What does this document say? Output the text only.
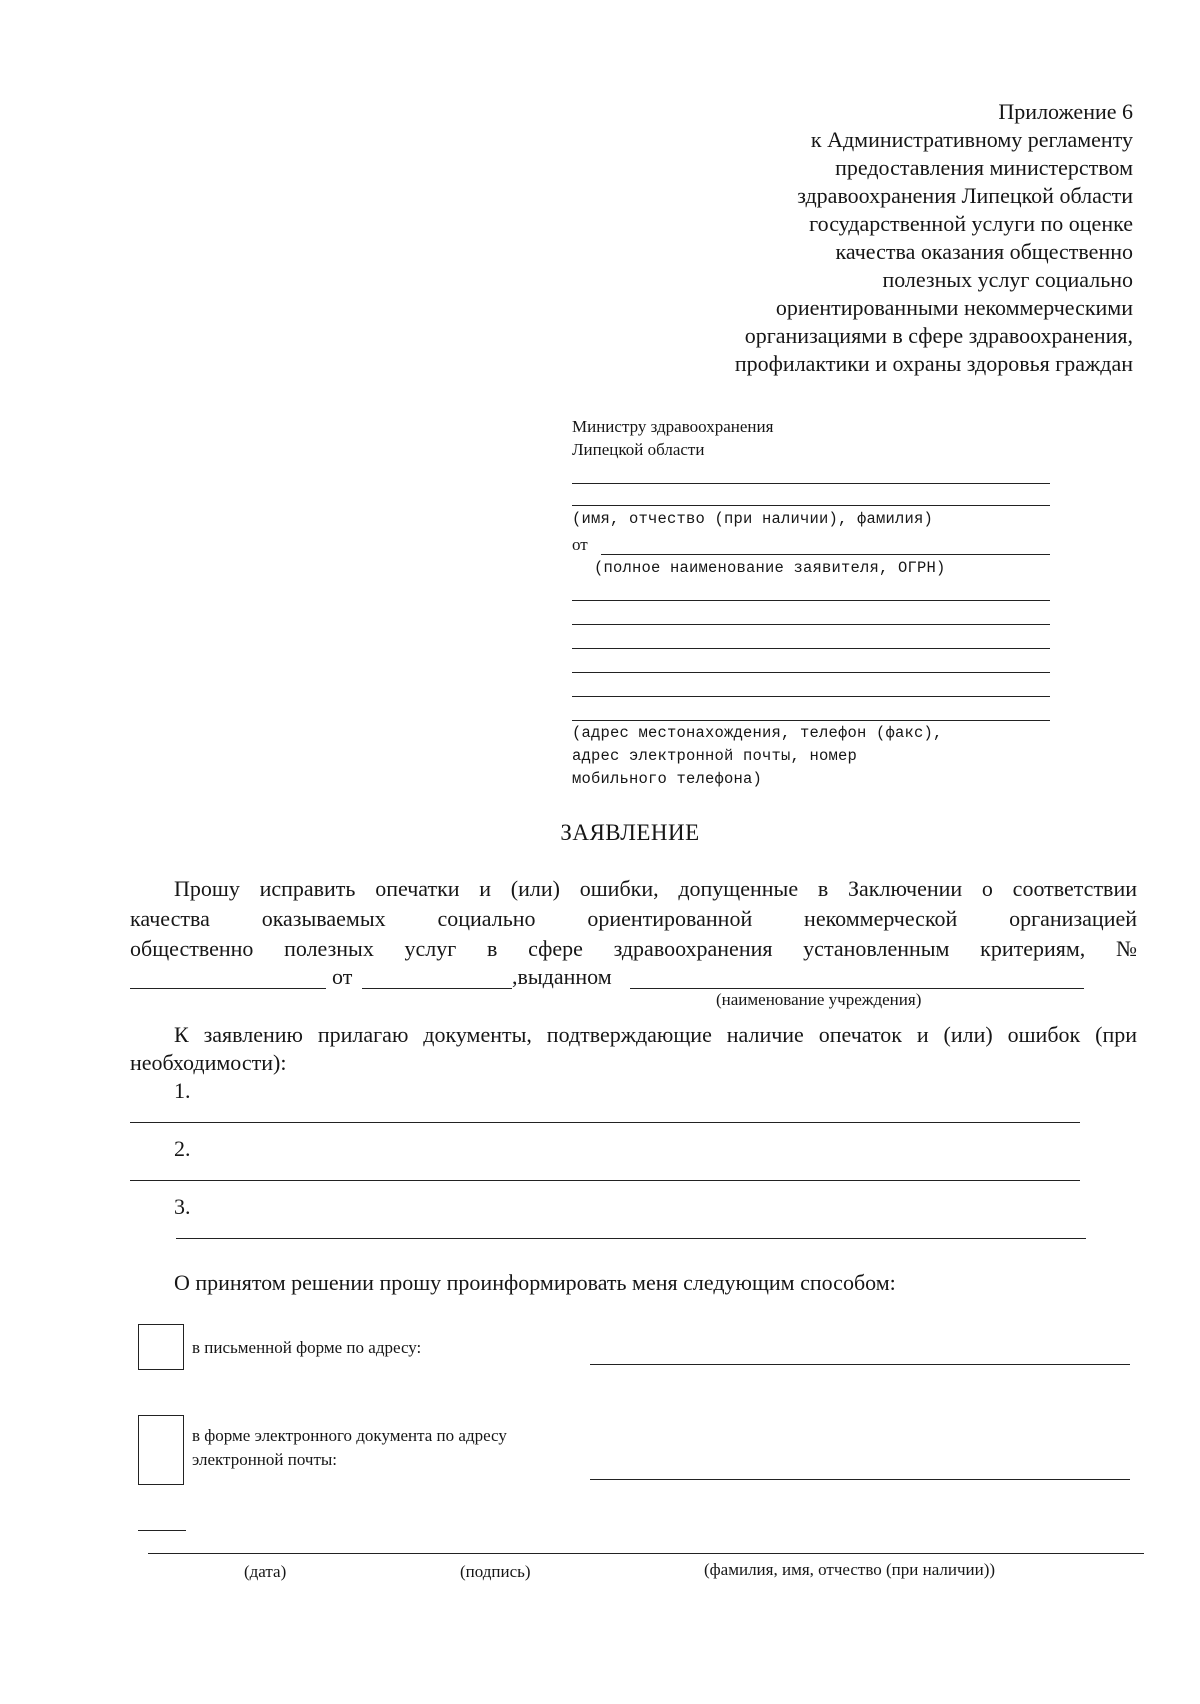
Приложение 6
к Административному регламенту
предоставления министерством
здравоохранения Липецкой области
государственной услуги по оценке
качества оказания общественно
полезных услуг социально
ориентированными некоммерческими
организациями в сфере здравоохранения,
профилактики и охраны здоровья граждан
Министру здравоохранения
Липецкой области
(имя, отчество (при наличии), фамилия)
от
(полное наименование заявителя, ОГРН)
(адрес местонахождения, телефон (факс),
адрес электронной почты, номер
мобильного телефона)
ЗАЯВЛЕНИЕ
Прошу исправить опечатки и (или) ошибки, допущенные в Заключении о соответствии
качества оказываемых социально ориентированной некоммерческой организацией
общественно полезных услуг в сфере здравоохранения установленным критериям, №
от	,выданном
(наименование учреждения)
К заявлению прилагаю документы, подтверждающие наличие опечаток и (или) ошибок (при
необходимости):
1.
2.
3.
О принятом решении прошу проинформировать меня следующим способом:
в письменной форме по адресу:
в форме электронного документа по адресу
электронной почты:
(дата)	(подпись)	(фамилия, имя, отчество (при наличии))
